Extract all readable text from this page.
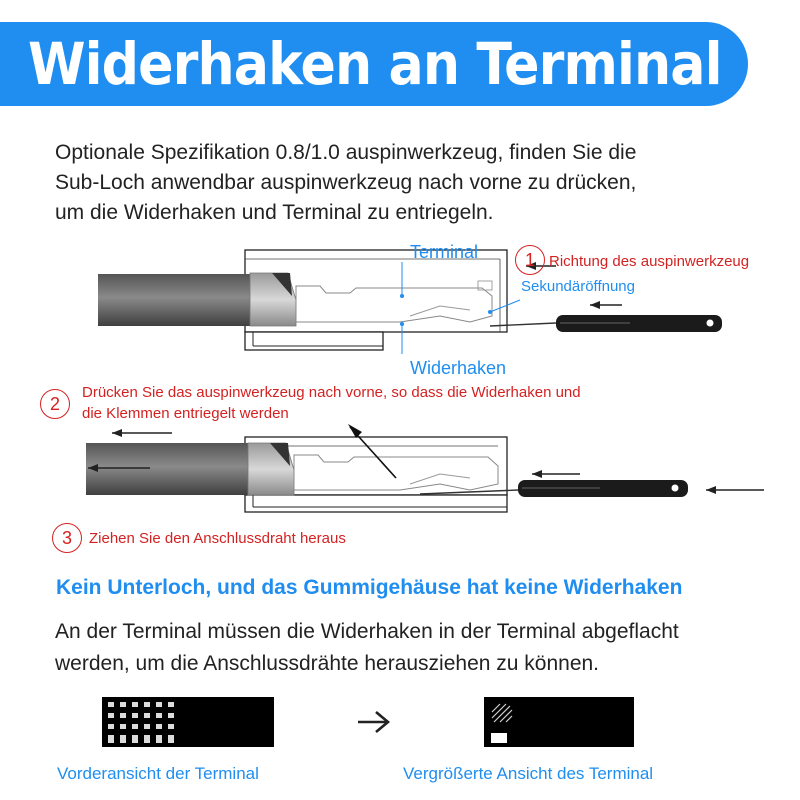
Widerhaken an Terminal

Optionale Spezifikation 0.8/1.0 auspinwerkzeug, finden Sie die
Sub-Loch anwendbar auspinwerkzeug nach vorne zu drücken,
um die Widerhaken und Terminal zu entriegeln.

Terminal
Sekundäröffnung
Widerhaken
1 Richtung des auspinwerkzeug
2
Drücken Sie das auspinwerkzeug nach vorne, so dass die Widerhaken und
die Klemmen entriegelt werden
3	Ziehen Sie den Anschlussdraht heraus
Kein Unterloch, und das Gummigehäuse hat keine Widerhaken

An der Terminal müssen die Widerhaken in der Terminal abgeflacht
werden, um die Anschlussdrähte herausziehen zu können.

Vorderansicht der Terminal	Vergrößerte Ansicht des Terminal
